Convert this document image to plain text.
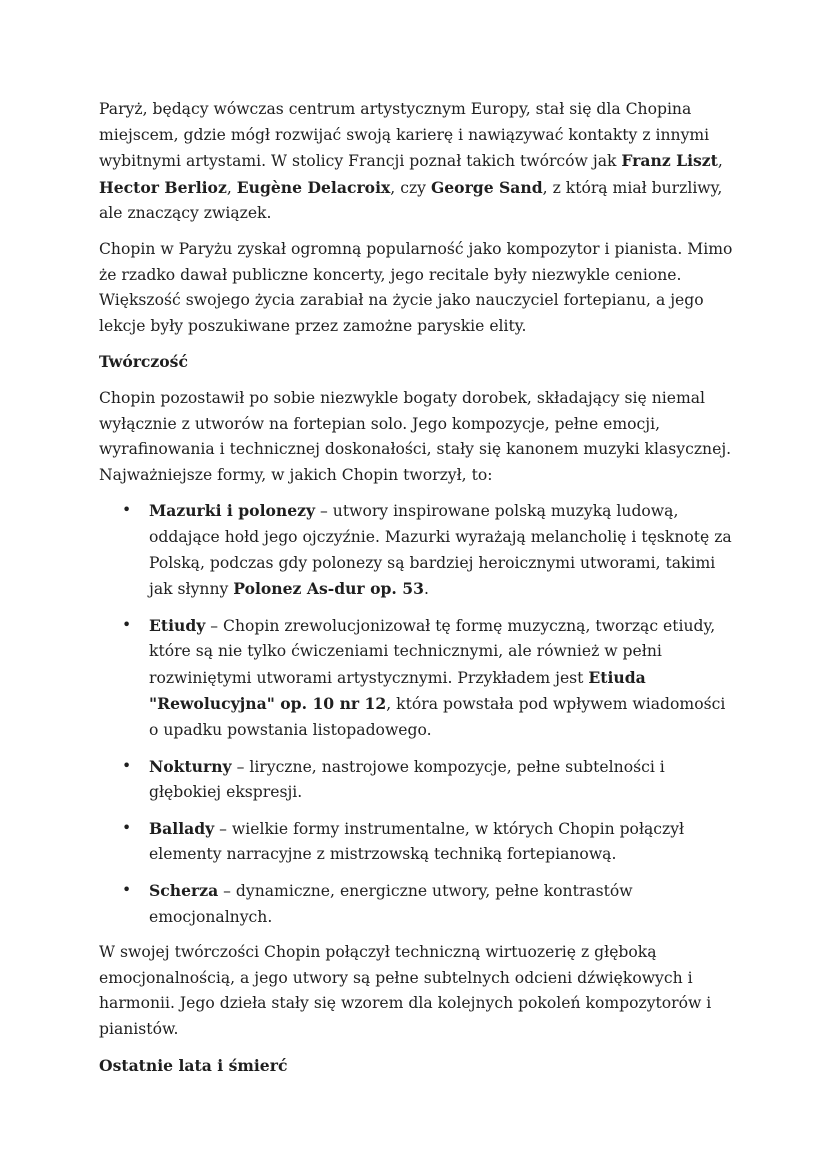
Paryż, będący wówczas centrum artystycznym Europy, stał się dla Chopina miejscem, gdzie mógł rozwijać swoją karierę i nawiązywać kontakty z innymi wybitnymi artystami. W stolicy Francji poznał takich twórców jak Franz Liszt, Hector Berlioz, Eugène Delacroix, czy George Sand, z którą miał burzliwy, ale znaczący związek.

Chopin w Paryżu zyskał ogromną popularność jako kompozytor i pianista. Mimo że rzadko dawał publiczne koncerty, jego recitale były niezwykle cenione. Większość swojego życia zarabiał na życie jako nauczyciel fortepianu, a jego lekcje były poszukiwane przez zamożne paryskie elity.

Twórczość

Chopin pozostawił po sobie niezwykle bogaty dorobek, składający się niemal wyłącznie z utworów na fortepian solo. Jego kompozycje, pełne emocji, wyrafinowania i technicznej doskonałości, stały się kanonem muzyki klasycznej. Najważniejsze formy, w jakich Chopin tworzył, to:

• Mazurki i polonezy – utwory inspirowane polską muzyką ludową, oddające hołd jego ojczyźnie. Mazurki wyrażają melancholię i tęsknotę za Polską, podczas gdy polonezy są bardziej heroicznymi utworami, takimi jak słynny Polonez As-dur op. 53.
• Etiudy – Chopin zrewolucjonizował tę formę muzyczną, tworząc etiudy, które są nie tylko ćwiczeniami technicznymi, ale również w pełni rozwiniętymi utworami artystycznymi. Przykładem jest Etiuda "Rewolucyjna" op. 10 nr 12, która powstała pod wpływem wiadomości o upadku powstania listopadowego.
• Nokturny – liryczne, nastrojowe kompozycje, pełne subtelności i głębokiej ekspresji.
• Ballady – wielkie formy instrumentalne, w których Chopin połączył elementy narracyjne z mistrzowską techniką fortepianową.
• Scherza – dynamiczne, energiczne utwory, pełne kontrastów emocjonalnych.

W swojej twórczości Chopin połączył techniczną wirtuozerię z głęboką emocjonalnością, a jego utwory są pełne subtelnych odcieni dźwiękowych i harmonii. Jego dzieła stały się wzorem dla kolejnych pokoleń kompozytorów i pianistów.

Ostatnie lata i śmierć
